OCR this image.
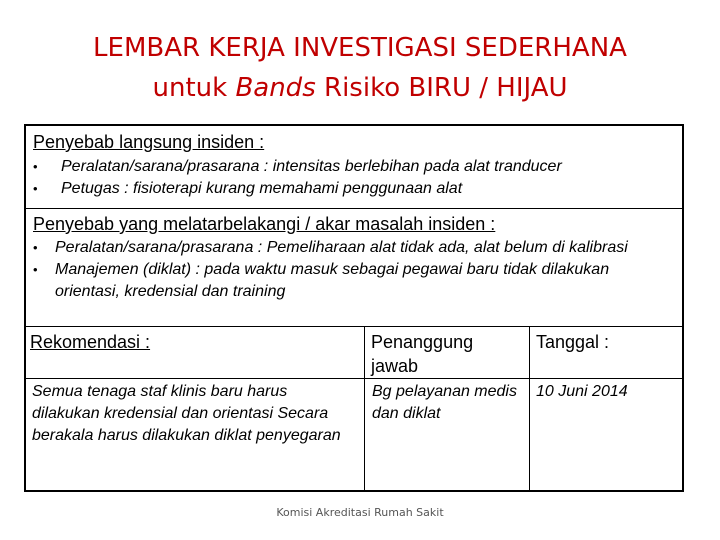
LEMBAR KERJA INVESTIGASI SEDERHANA
untuk Bands Risiko BIRU / HIJAU
Penyebab langsung insiden :
• Peralatan/sarana/prasarana : intensitas berlebihan pada alat tranducer
• Petugas : fisioterapi kurang memahami penggunaan alat
Penyebab yang melatarbelakangi / akar masalah insiden :
• Peralatan/sarana/prasarana : Pemeliharaan alat tidak ada, alat belum di kalibrasi
• Manajemen (diklat) : pada waktu masuk sebagai pegawai baru tidak dilakukan orientasi, kredensial dan training
Rekomendasi :	Penanggung jawab
Tanggal :
Semua tenaga staf klinis baru harus dilakukan kredensial dan orientasi Secara berakala harus dilakukan diklat penyegaran
Bg pelayanan medis dan diklat
10 Juni 2014
Komisi Akreditasi Rumah Sakit
